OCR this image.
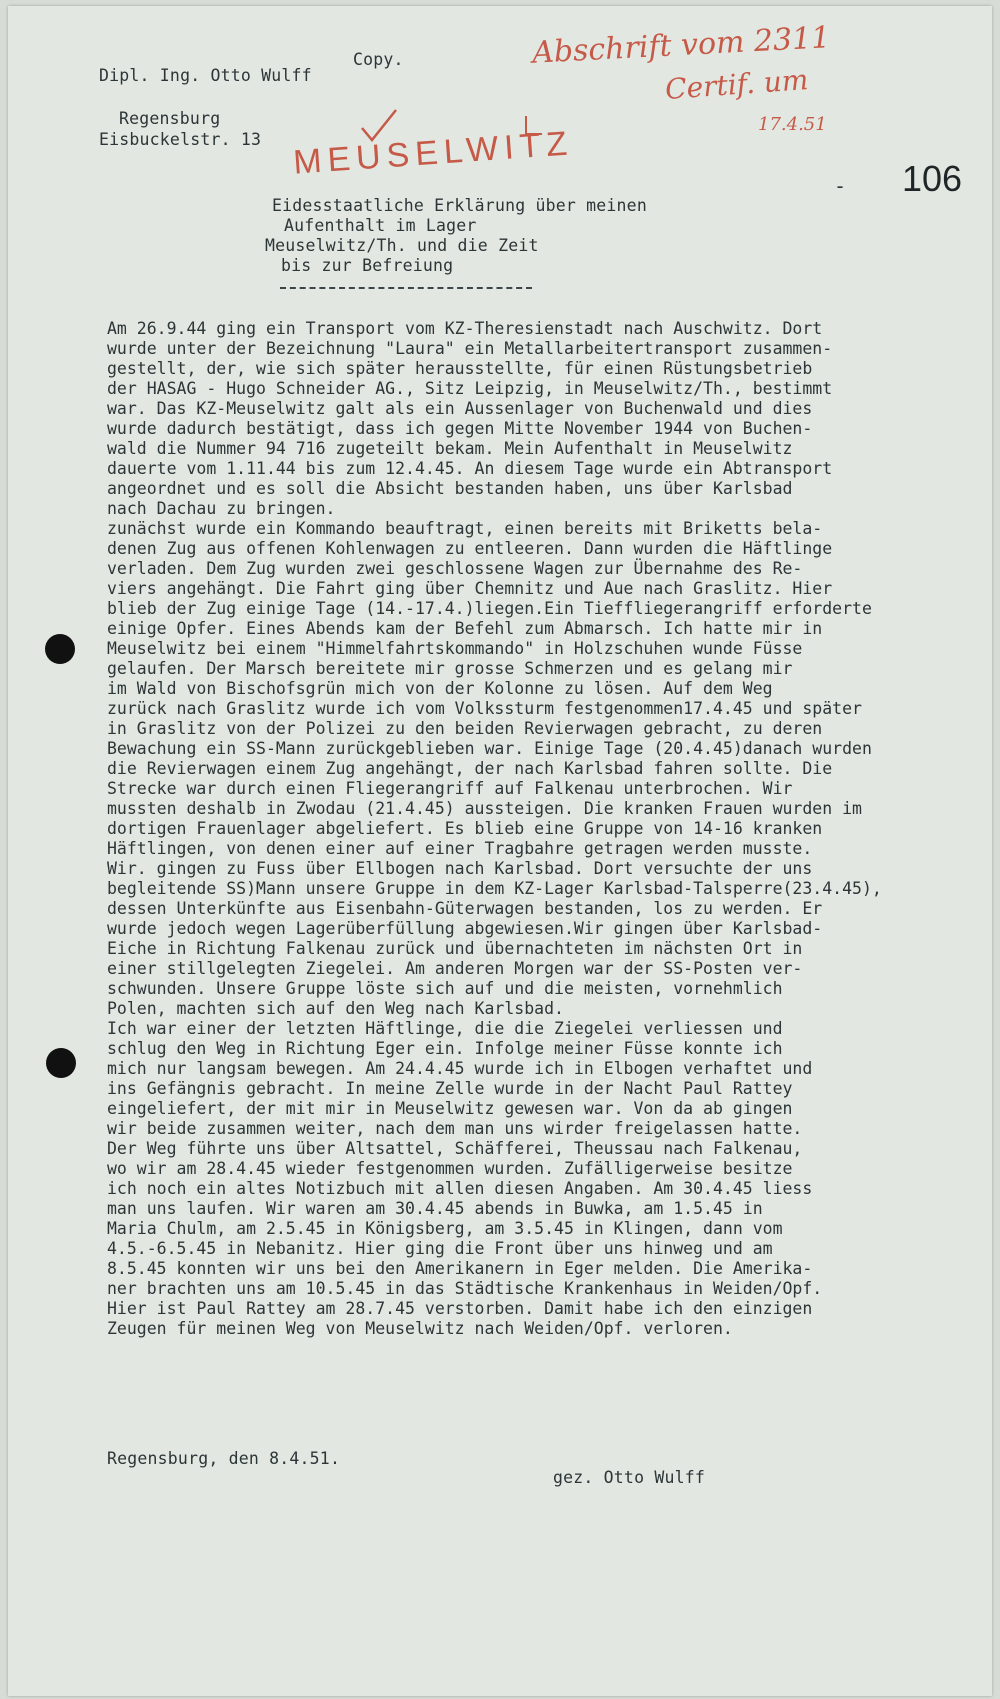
Dipl. Ing. Otto Wulff
Copy.
Regensburg
Eisbuckelstr. 13
Abschrift vom 2311
Certif. um
17.4.51
MEUSELWITZ
- 106
Eidesstaatliche Erklärung über meinen
Aufenthalt im Lager
Meuselwitz/Th. und die Zeit
bis zur Befreiung
Am 26.9.44 ging ein Transport vom KZ-Theresienstadt nach Auschwitz. Dort
wurde unter der Bezeichnung "Laura" ein Metallarbeitertransport zusammen-
gestellt, der, wie sich später herausstellte, für einen Rüstungsbetrieb
der HASAG - Hugo Schneider AG., Sitz Leipzig, in Meuselwitz/Th., bestimmt
war. Das KZ-Meuselwitz galt als ein Aussenlager von Buchenwald und dies
wurde dadurch bestätigt, dass ich gegen Mitte November 1944 von Buchen-
wald die Nummer 94 716 zugeteilt bekam. Mein Aufenthalt in Meuselwitz
dauerte vom 1.11.44 bis zum 12.4.45. An diesem Tage wurde ein Abtransport
angeordnet und es soll die Absicht bestanden haben, uns über Karlsbad
nach Dachau zu bringen.
zunächst wurde ein Kommando beauftragt, einen bereits mit Briketts bela-
denen Zug aus offenen Kohlenwagen zu entleeren. Dann wurden die Häftlinge
verladen. Dem Zug wurden zwei geschlossene Wagen zur Übernahme des Re-
viers angehängt. Die Fahrt ging über Chemnitz und Aue nach Graslitz. Hier
blieb der Zug einige Tage (14.-17.4.)liegen.Ein Tieffliegerangriff erforderte
einige Opfer. Eines Abends kam der Befehl zum Abmarsch. Ich hatte mir in
Meuselwitz bei einem "Himmelfahrtskommando" in Holzschuhen wunde Füsse
gelaufen. Der Marsch bereitete mir grosse Schmerzen und es gelang mir
im Wald von Bischofsgrün mich von der Kolonne zu lösen. Auf dem Weg
zurück nach Graslitz wurde ich vom Volkssturm festgenommen17.4.45 und später
in Graslitz von der Polizei zu den beiden Revierwagen gebracht, zu deren
Bewachung ein SS-Mann zurückgeblieben war. Einige Tage (20.4.45)danach wurden
die Revierwagen einem Zug angehängt, der nach Karlsbad fahren sollte. Die
Strecke war durch einen Fliegerangriff auf Falkenau unterbrochen. Wir
mussten deshalb in Zwodau (21.4.45) aussteigen. Die kranken Frauen wurden im
dortigen Frauenlager abgeliefert. Es blieb eine Gruppe von 14-16 kranken
Häftlingen, von denen einer auf einer Tragbahre getragen werden musste.
Wir. gingen zu Fuss über Ellbogen nach Karlsbad. Dort versuchte der uns
begleitende SS)Mann unsere Gruppe in dem KZ-Lager Karlsbad-Talsperre(23.4.45),
dessen Unterkünfte aus Eisenbahn-Güterwagen bestanden, los zu werden. Er
wurde jedoch wegen Lagerüberfüllung abgewiesen.Wir gingen über Karlsbad-
Eiche in Richtung Falkenau zurück und übernachteten im nächsten Ort in
einer stillgelegten Ziegelei. Am anderen Morgen war der SS-Posten ver-
schwunden. Unsere Gruppe löste sich auf und die meisten, vornehmlich
Polen, machten sich auf den Weg nach Karlsbad.
Ich war einer der letzten Häftlinge, die die Ziegelei verliessen und
schlug den Weg in Richtung Eger ein. Infolge meiner Füsse konnte ich
mich nur langsam bewegen. Am 24.4.45 wurde ich in Elbogen verhaftet und
ins Gefängnis gebracht. In meine Zelle wurde in der Nacht Paul Rattey
eingeliefert, der mit mir in Meuselwitz gewesen war. Von da ab gingen
wir beide zusammen weiter, nach dem man uns wirder freigelassen hatte.
Der Weg führte uns über Altsattel, Schäfferei, Theussau nach Falkenau,
wo wir am 28.4.45 wieder festgenommen wurden. Zufälligerweise besitze
ich noch ein altes Notizbuch mit allen diesen Angaben. Am 30.4.45 liess
man uns laufen. Wir waren am 30.4.45 abends in Buwka, am 1.5.45 in
Maria Chulm, am 2.5.45 in Königsberg, am 3.5.45 in Klingen, dann vom
4.5.-6.5.45 in Nebanitz. Hier ging die Front über uns hinweg und am
8.5.45 konnten wir uns bei den Amerikanern in Eger melden. Die Amerika-
ner brachten uns am 10.5.45 in das Städtische Krankenhaus in Weiden/Opf.
Hier ist Paul Rattey am 28.7.45 verstorben. Damit habe ich den einzigen
Zeugen für meinen Weg von Meuselwitz nach Weiden/Opf. verloren.
Regensburg, den 8.4.51.
gez. Otto Wulff
